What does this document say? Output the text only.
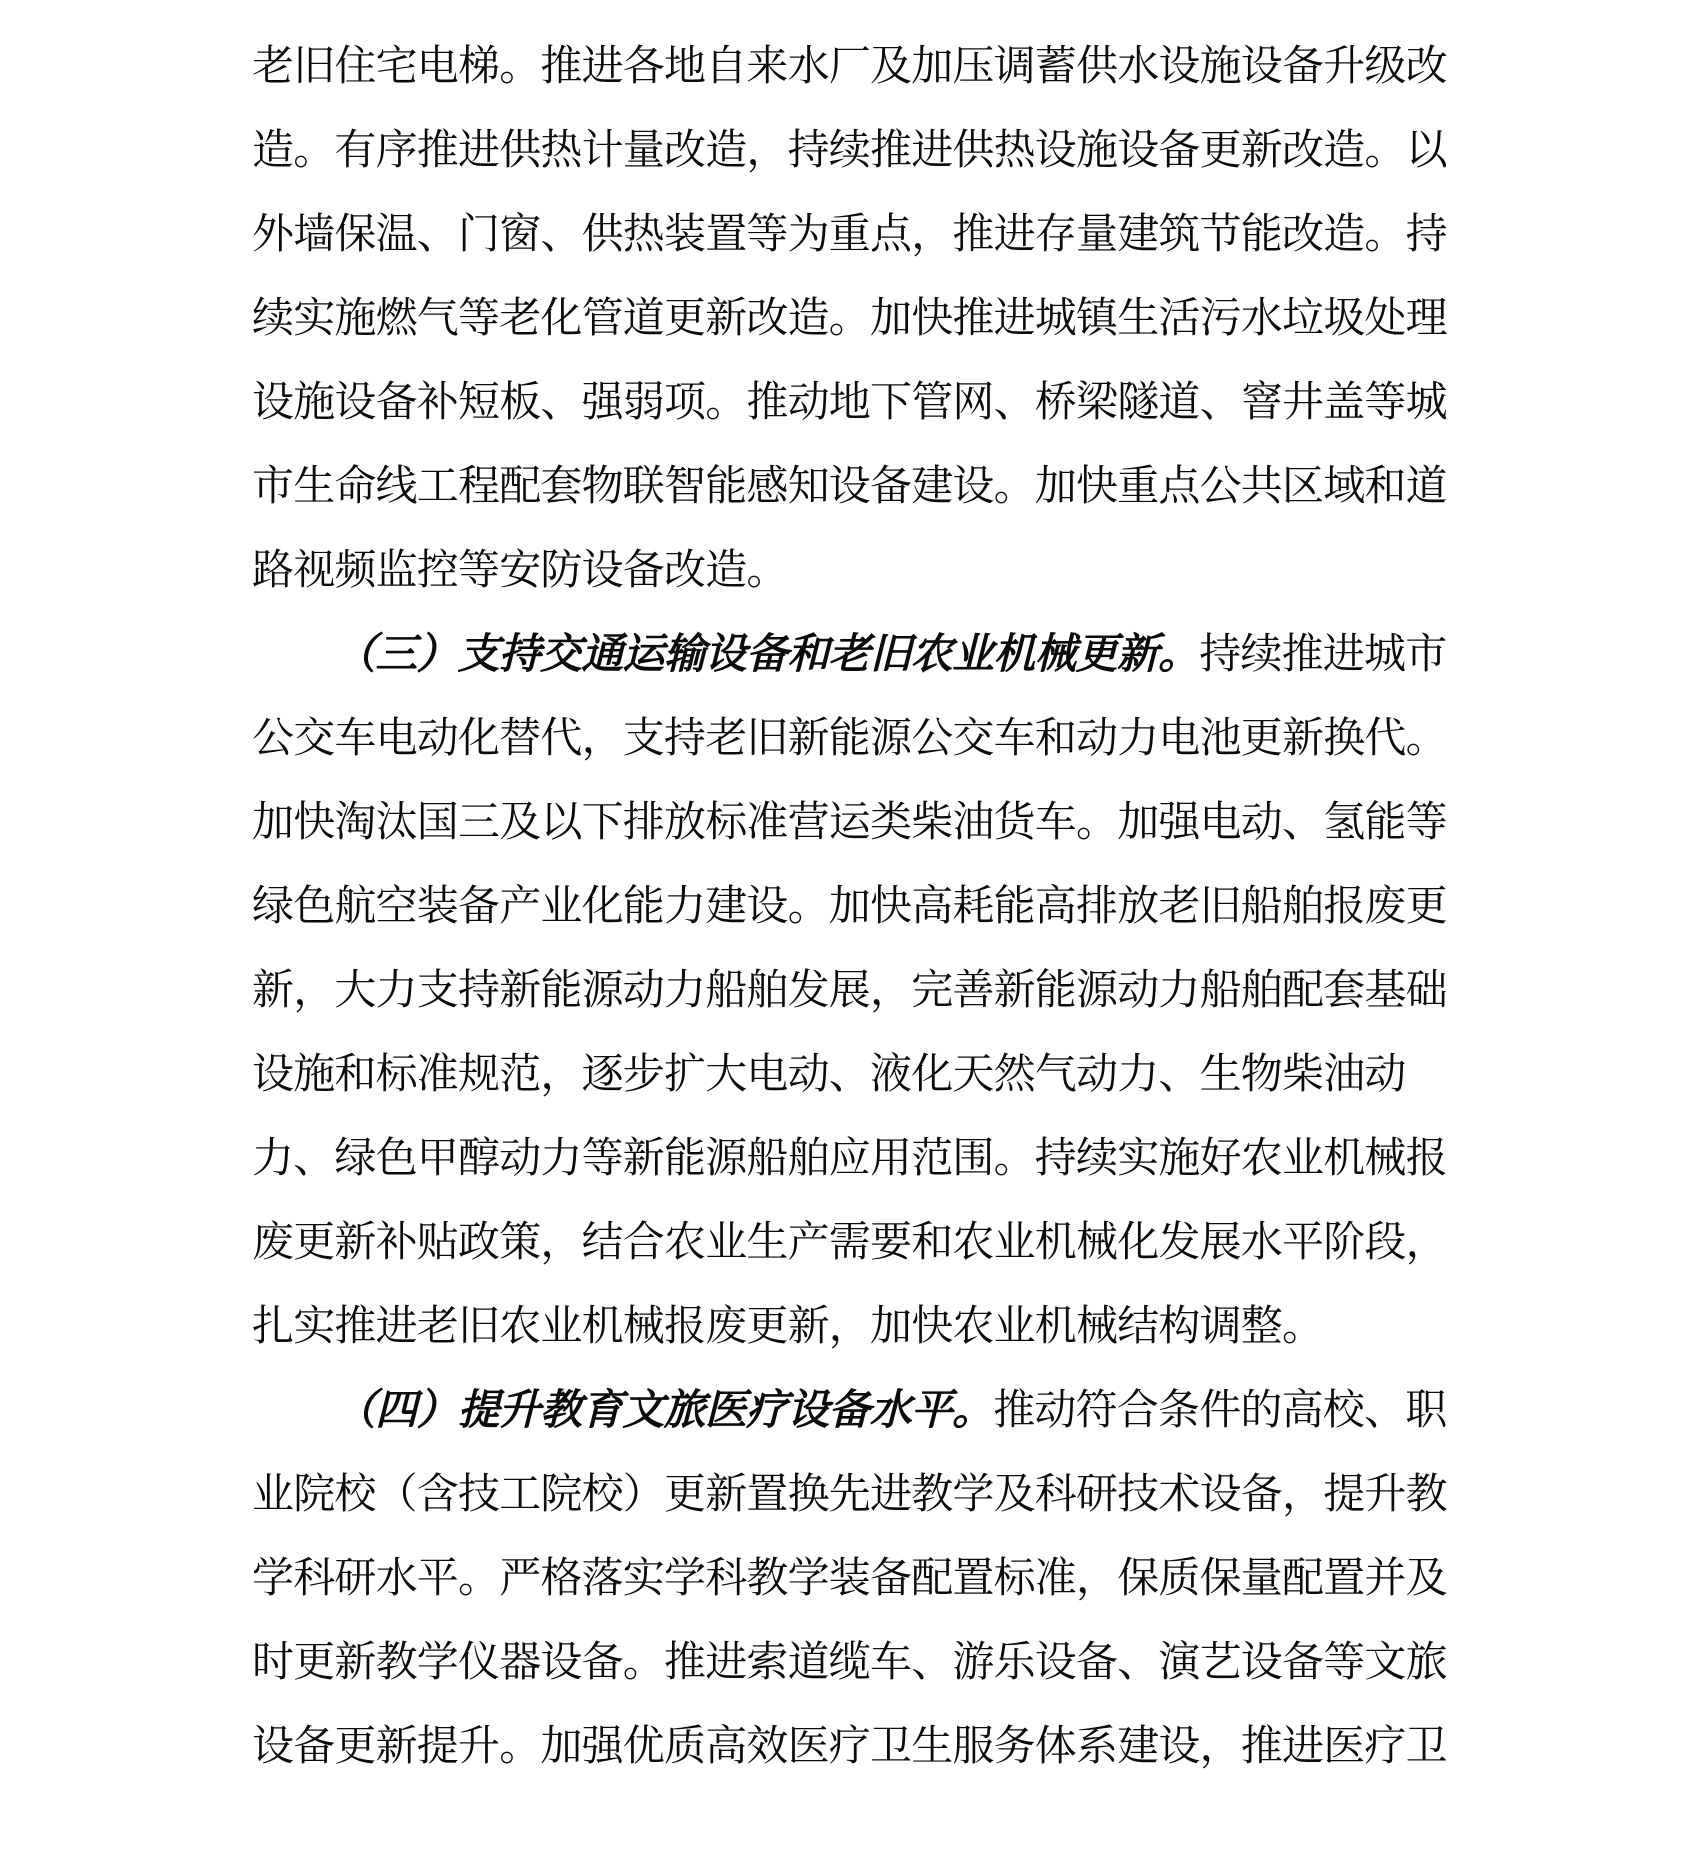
老旧住宅电梯。推进各地自来水厂及加压调蓄供水设施设备升级改
造。有序推进供热计量改造，持续推进供热设施设备更新改造。以
外墙保温、门窗、供热装置等为重点，推进存量建筑节能改造。持
续实施燃气等老化管道更新改造。加快推进城镇生活污水垃圾处理
设施设备补短板、强弱项。推动地下管网、桥梁隧道、窨井盖等城
市生命线工程配套物联智能感知设备建设。加快重点公共区域和道
路视频监控等安防设备改造。
（三）支持交通运输设备和老旧农业机械更新。持续推进城市
公交车电动化替代，支持老旧新能源公交车和动力电池更新换代。
加快淘汰国三及以下排放标准营运类柴油货车。加强电动、氢能等
绿色航空装备产业化能力建设。加快高耗能高排放老旧船舶报废更
新，大力支持新能源动力船舶发展，完善新能源动力船舶配套基础
设施和标准规范，逐步扩大电动、液化天然气动力、生物柴油动
力、绿色甲醇动力等新能源船舶应用范围。持续实施好农业机械报
废更新补贴政策，结合农业生产需要和农业机械化发展水平阶段，
扎实推进老旧农业机械报废更新，加快农业机械结构调整。
（四）提升教育文旅医疗设备水平。推动符合条件的高校、职
业院校（含技工院校）更新置换先进教学及科研技术设备，提升教
学科研水平。严格落实学科教学装备配置标准，保质保量配置并及
时更新教学仪器设备。推进索道缆车、游乐设备、演艺设备等文旅
设备更新提升。加强优质高效医疗卫生服务体系建设，推进医疗卫
